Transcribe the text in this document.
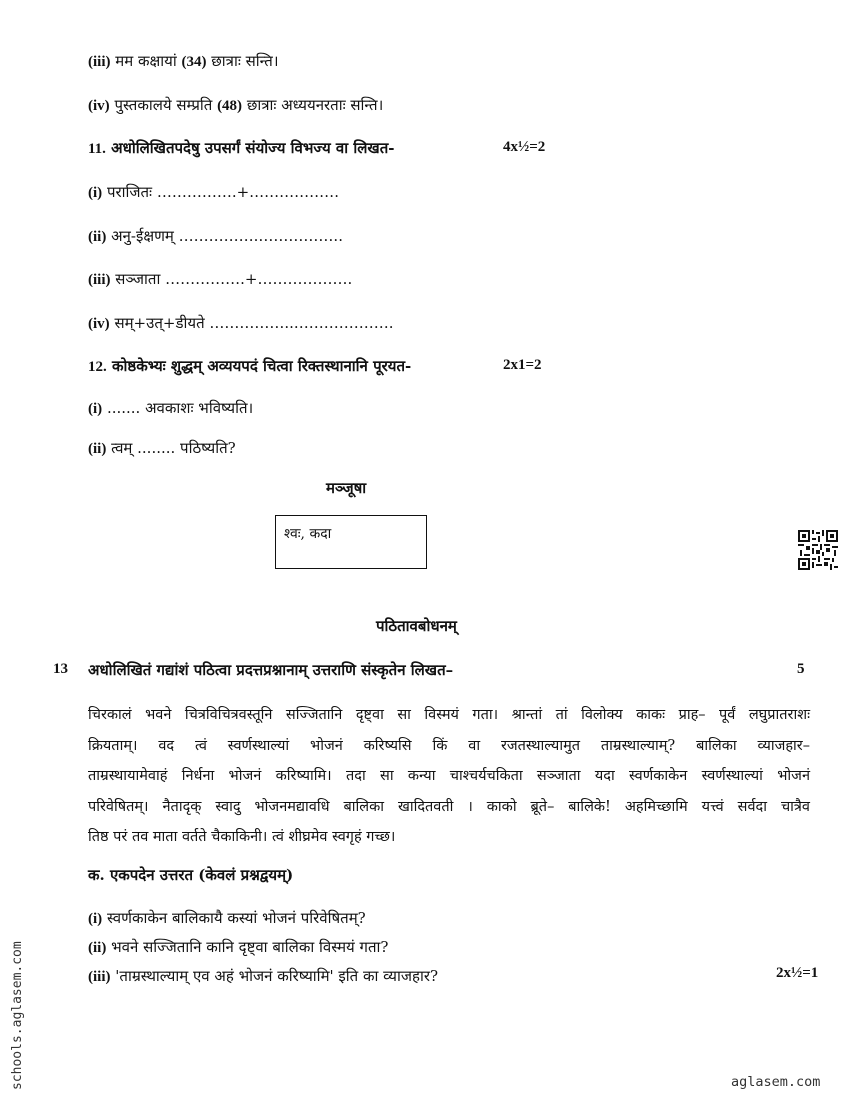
(iii) मम कक्षायां (34) छात्राः सन्ति।
(iv) पुस्तकालये सम्प्रति (48) छात्राः अध्ययनरताः सन्ति।
11. अधोलिखितपदेषु उपसर्गं संयोज्य विभज्य वा लिखत-	4x½=2
(i) पराजितः …………….+………………
(ii) अनु-ईक्षणम् …………….……………..
(iii) सञ्जाता …………….+……………….
(iv) सम्+उत्+डीयते ……………...……………….
12. कोष्ठकेभ्यः शुद्धम् अव्ययपदं चित्वा रिक्तस्थानानि पूरयत-	2x1=2
(i) ....... अवकाशः भविष्यति।
(ii) त्वम् ........ पठिष्यति?
मञ्जूषा
श्वः, कदा
पठितावबोधनम्
13 अधोलिखितं गद्यांशं पठित्वा प्रदत्तप्रश्नानाम् उत्तराणि संस्कृतेन लिखत–	5
चिरकालं भवने चित्रविचित्रवस्तूनि सज्जितानि दृष्ट्वा सा विस्मयं गता। श्रान्तां तां विलोक्य काकः प्राह– पूर्वं लघुप्रातराशः
क्रियताम्। वद त्वं स्वर्णस्थाल्यां भोजनं करिष्यसि किं वा रजतस्थाल्यामुत ताम्रस्थाल्याम्? बालिका व्याजहार–
ताम्रस्थायामेवाहं निर्धना भोजनं करिष्यामि। तदा सा कन्या चाश्चर्यचकिता सञ्जाता यदा स्वर्णकाकेन स्वर्णस्थाल्यां भोजनं
परिवेषितम्। नैतादृक् स्वादु भोजनमद्यावधि बालिका खादितवती । काको ब्रूते– बालिके! अहमिच्छामि यत्त्वं सर्वदा चात्रैव
तिष्ठ परं तव माता वर्तते चैकाकिनी। त्वं शीघ्रमेव स्वगृहं गच्छ।
क. एकपदेन उत्तरत (केवलं प्रश्नद्वयम्)
(i) स्वर्णकाकेन बालिकायै कस्यां भोजनं परिवेषितम्?
(ii) भवने सज्जितानि कानि दृष्ट्वा बालिका विस्मयं गता?
(iii) 'ताम्रस्थाल्याम् एव अहं भोजनं करिष्यामि' इति का व्याजहार?	2x½=1
schools.aglasem.com	aglasem.com
